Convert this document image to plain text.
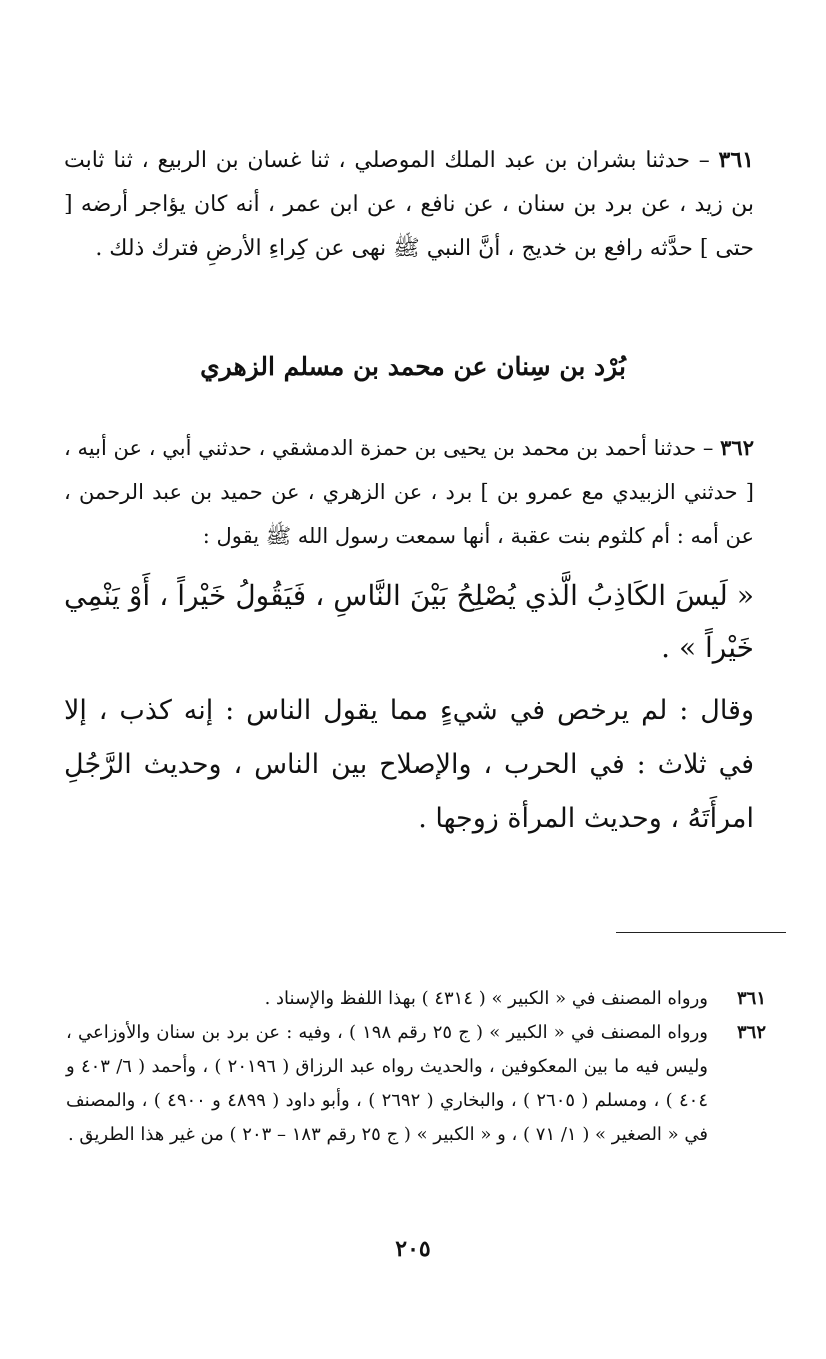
٣٦١ – حدثنا بشران بن عبد الملك الموصلي ، ثنا غسان بن الربيع ، ثنا ثابت بن زيد ، عن برد بن سنان ، عن نافع ، عن ابن عمر ، أنه كان يؤاجر أرضه [ حتى ] حدَّثه رافع بن خديج ، أنَّ النبي ﷺ نهى عن كِراءِ الأرضِ فترك ذلك .
بُرْد بن سِنان عن محمد بن مسلم الزهري
٣٦٢ – حدثنا أحمد بن محمد بن يحيى بن حمزة الدمشقي ، حدثني أبي ، عن أبيه ، [ حدثني الزبيدي مع عمرو بن ] برد ، عن الزهري ، عن حميد بن عبد الرحمن ، عن أمه : أم كلثوم بنت عقبة ، أنها سمعت رسول الله ﷺ يقول :
« لَيسَ الكَاذِبُ الَّذي يُصْلِحُ بَيْنَ النَّاسِ ، فَيَقُولُ خَيْراً ، أَوْ يَنْمِي خَيْراً » .
وقال : لم يرخص في شيءٍ مما يقول الناس : إنه كذب ، إلا في ثلاث : في الحرب ، والإصلاح بين الناس ، وحديث الرَّجُلِ امرأَتَهُ ، وحديث المرأة زوجها .
٣٦١
ورواه المصنف في « الكبير » ( ٤٣١٤ ) بهذا اللفظ والإسناد .
٣٦٢
ورواه المصنف في « الكبير » ( ج ٢٥ رقم ١٩٨ ) ، وفيه : عن برد بن سنان والأوزاعي ، وليس فيه ما بين المعكوفين ، والحديث رواه عبد الرزاق ( ٢٠١٩٦ ) ، وأحمد ( ٦/ ٤٠٣ و ٤٠٤ ) ، ومسلم ( ٢٦٠٥ ) ، والبخاري ( ٢٦٩٢ ) ، وأبو داود ( ٤٨٩٩ و ٤٩٠٠ ) ، والمصنف في « الصغير » ( ١/ ٧١ ) ، و « الكبير » ( ج ٢٥ رقم ١٨٣ – ٢٠٣ ) من غير هذا الطريق .
٢٠٥
